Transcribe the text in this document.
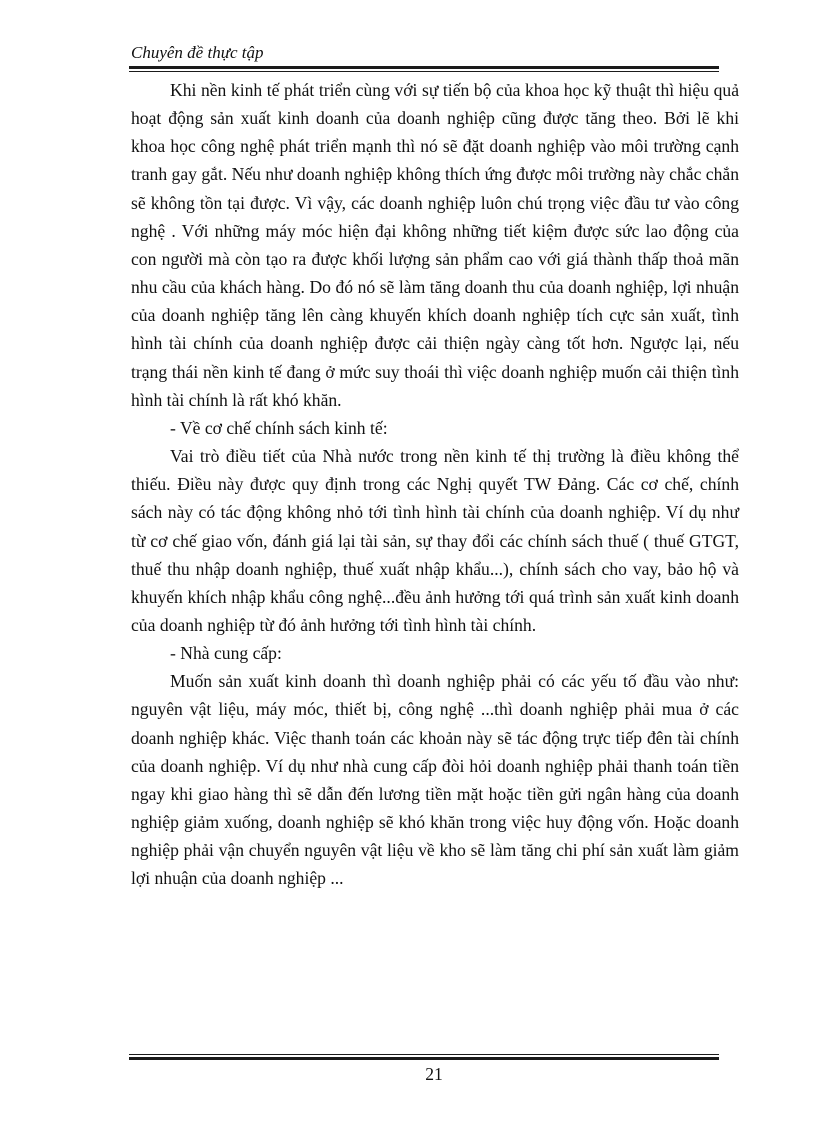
Chuyên đề thực tập

Khi nền kinh tế phát triển cùng với sự tiến bộ của khoa học kỹ thuật thì hiệu quả hoạt động sản xuất kinh doanh của doanh nghiệp cũng được tăng theo. Bởi lẽ khi khoa học công nghệ phát triển mạnh thì nó sẽ đặt doanh nghiệp vào môi trường cạnh tranh gay gắt. Nếu như doanh nghiệp không thích ứng được môi trường này chắc chắn sẽ không tồn tại được. Vì vậy, các doanh nghiệp luôn chú trọng việc đầu tư vào công nghệ . Với những máy móc hiện đại không những tiết kiệm được sức lao động của con người mà còn tạo ra được khối lượng sản phẩm cao với giá thành thấp thoả mãn nhu cầu của khách hàng. Do đó nó sẽ làm tăng doanh thu của doanh nghiệp, lợi nhuận của doanh nghiệp tăng lên càng khuyến khích doanh nghiệp tích cực sản xuất, tình hình tài chính của doanh nghiệp được cải thiện ngày càng tốt hơn. Ngược lại, nếu trạng thái nền kinh tế đang ở mức suy thoái thì việc doanh nghiệp muốn cải thiện tình hình tài chính là rất khó khăn.

- Về cơ chế chính sách kinh tế:

Vai trò điều tiết của Nhà nước trong nền kinh tế thị trường là điều không thể thiếu. Điều này được quy định trong các Nghị quyết TW Đảng. Các cơ chế, chính sách này có tác động không nhỏ tới tình hình tài chính của doanh nghiệp. Ví dụ như từ cơ chế giao vốn, đánh giá lại tài sản, sự thay đổi các chính sách thuế ( thuế GTGT, thuế thu nhập doanh nghiệp, thuế xuất nhập khẩu...), chính sách cho vay, bảo hộ và khuyến khích nhập khẩu công nghệ...đều ảnh hưởng tới quá trình sản xuất kinh doanh của doanh nghiệp từ đó ảnh hưởng tới tình hình tài chính.

- Nhà cung cấp:

Muốn sản xuất kinh doanh thì doanh nghiệp phải có các yếu tố đầu vào như: nguyên vật liệu, máy móc, thiết bị, công nghệ ...thì doanh nghiệp phải mua ở các doanh nghiệp khác. Việc thanh toán các khoản này sẽ tác động trực tiếp đên tài chính của doanh nghiệp. Ví dụ như nhà cung cấp đòi hỏi doanh nghiệp phải thanh toán tiền ngay khi giao hàng thì sẽ dẫn đến lương tiền mặt hoặc tiền gửi ngân hàng của doanh nghiệp giảm xuống, doanh nghiệp sẽ khó khăn trong việc huy động vốn. Hoặc doanh nghiệp phải vận chuyển nguyên vật liệu về kho sẽ làm tăng chi phí sản xuất làm giảm lợi nhuận của doanh nghiệp ...

21
